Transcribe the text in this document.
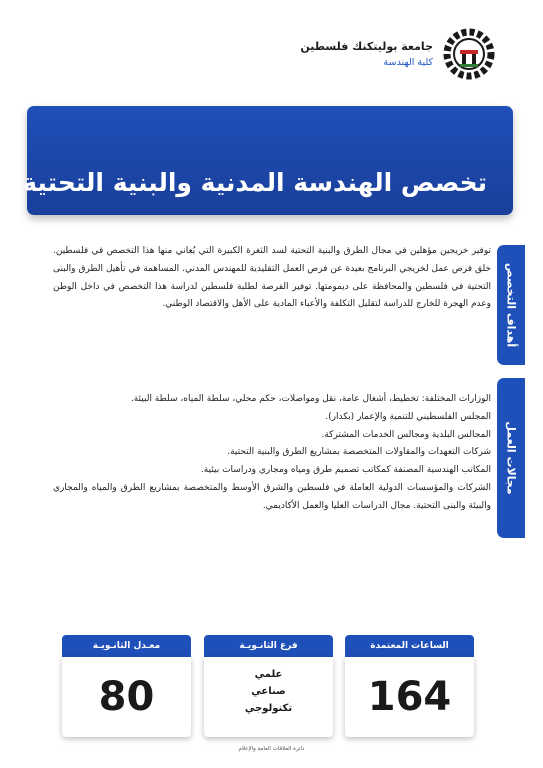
جامعة بوليتكنك فلسطين
كلية الهندسة
تخصص الهندسة المدنية والبنية التحتية
أهداف التخصص
مجالات العمل
توفير خريجين مؤهلين في مجال الطرق والبنية التحتية لسد الثغرة الكبيرة التي يُعاني منها هذا التخصص في فلسطين. خلق فرص عمل لخريجي البرنامج بعيدة عن فرص العمل التقليدية للمهندس المدني. المساهمة في تأهيل الطرق والبنى التحتية في فلسطين والمحافظة على ديمومتها. توفير الفرصة لطلبة فلسطين لدراسة هذا التخصص في داخل الوطن وعدم الهجرة للخارج للدراسة لتقليل التكلفة والأعباء المادية على الأهل والاقتصاد الوطني.

الوزارات المختلفة: تخطيط، أشغال عامة، نقل ومواصلات، حكم محلي، سلطة المياه، سلطة البيئة.

المجلس الفلسطيني للتنمية والإعمار (بكدار).

المجالس البلدية ومجالس الخدمات المشتركة.

شركات التعهدات والمقاولات المتخصصة بمشاريع الطرق والبنية التحتية.

المكاتب الهندسية المصنفة كمكاتب تصميم طرق ومياه ومجاري ودراسات بيئية.

الشركات والمؤسسات الدولية العاملة في فلسطين والشرق الأوسط والمتخصصة بمشاريع الطرق والمياه والمجاري والبيئة والبنى التحتية. مجال الدراسات العليا والعمل الأكاديمي.

الساعات المعتمدة
164
فرع الثانـويـة
علمي
صناعي
تكنولوجي
معـدل الثانـويـة
80
دائرة العلاقات العامة والإعلام
